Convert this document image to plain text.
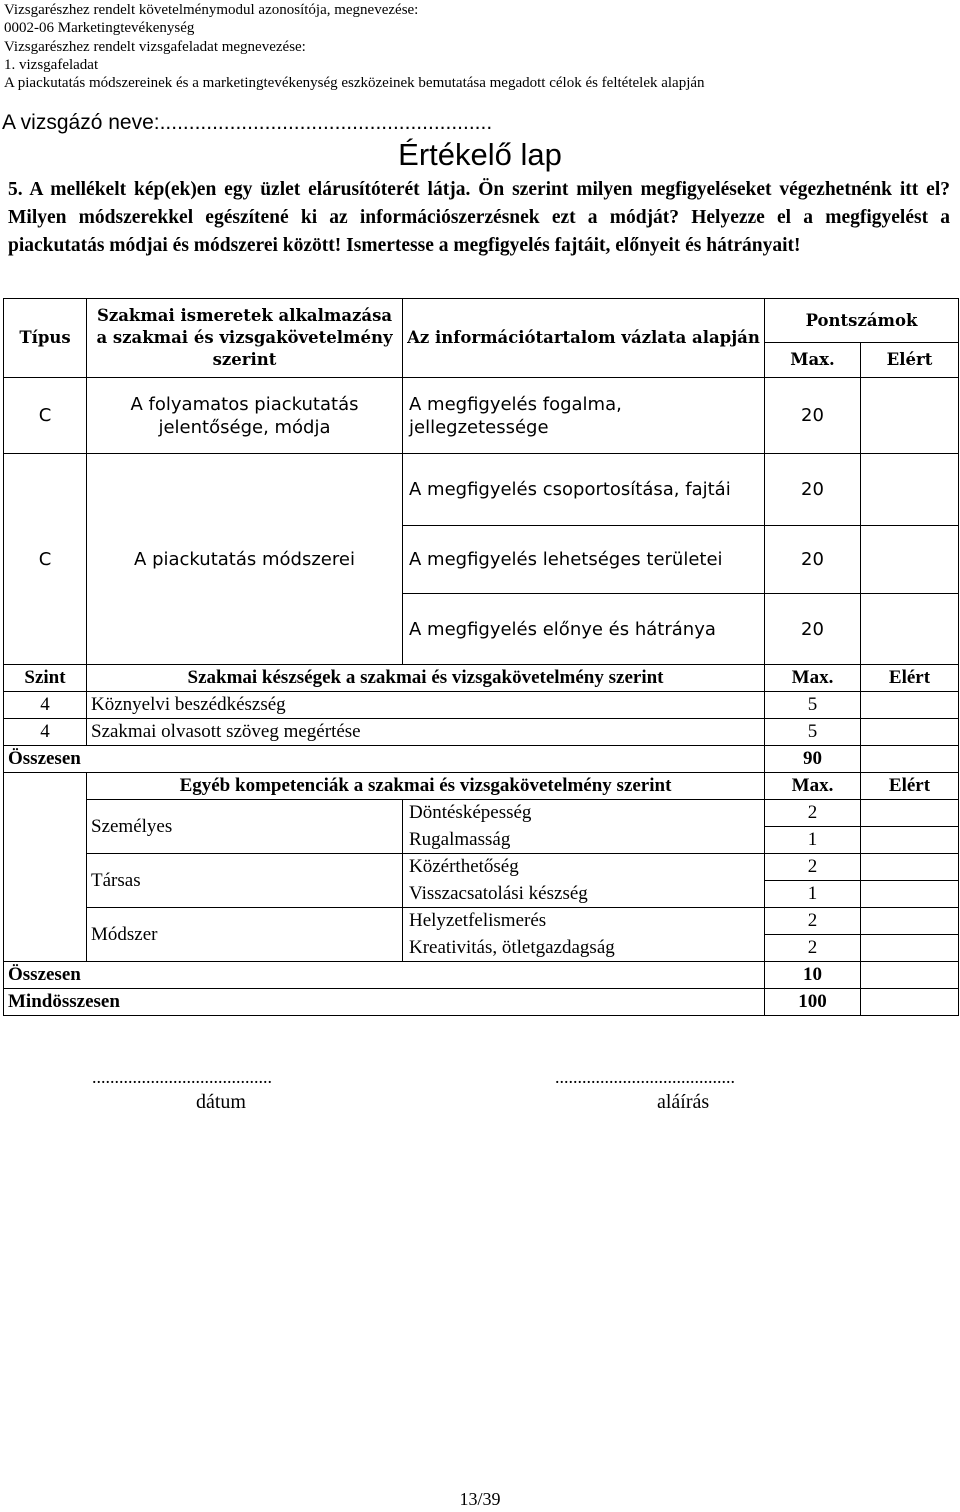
Vizsgarészhez rendelt követelménymodul azonosítója, megnevezése:
0002-06 Marketingtevékenység
Vizsgarészhez rendelt vizsgafeladat megnevezése:
1. vizsgafeladat
A piackutatás módszereinek és a marketingtevékenység eszközeinek bemutatása megadott célok és feltételek alapján
A vizsgázó neve:.........................................................
Értékelő lap
5. A mellékelt kép(ek)en egy üzlet elárusítóterét látja. Ön szerint milyen megfigyeléseket végezhetnénk itt el? Milyen módszerekkel egészítené ki az információszerzésnek ezt a módját? Helyezze el a megfigyelést a piackutatás módjai és módszerei között! Ismertesse a megfigyelés fajtáit, előnyeit és hátrányait!
Típus	Szakmai ismeretek alkalmazása a szakmai és vizsgakövetelmény szerint	Az információtartalom vázlata alapján	Pontszámok	
			Max.	Elért
C	A folyamatos piackutatás jelentősége, módja	A megfigyelés fogalma, jellegzetessége	20	
C	A piackutatás módszerei	A megfigyelés csoportosítása, fajtái	20	
		A megfigyelés lehetséges területei	20	
		A megfigyelés előnye és hátránya	20	
Szint	Szakmai készségek a szakmai és vizsgakövetelmény szerint		Max.	Elért
4	Köznyelvi beszédkészség		5	
4	Szakmai olvasott szöveg megértése		5	
Összesen			90	
	Egyéb kompetenciák a szakmai és vizsgakövetelmény szerint		Max.	Elért
	Személyes	Döntésképesség	2	
		Rugalmasság	1	
	Társas	Közérthetőség	2	
		Visszacsatolási készség	1	
	Módszer	Helyzetfelismerés	2	
		Kreativitás, ötletgazdagság	2	
Összesen			10	
Mindösszesen			100	
........................................
dátum
........................................
aláírás
13/39
